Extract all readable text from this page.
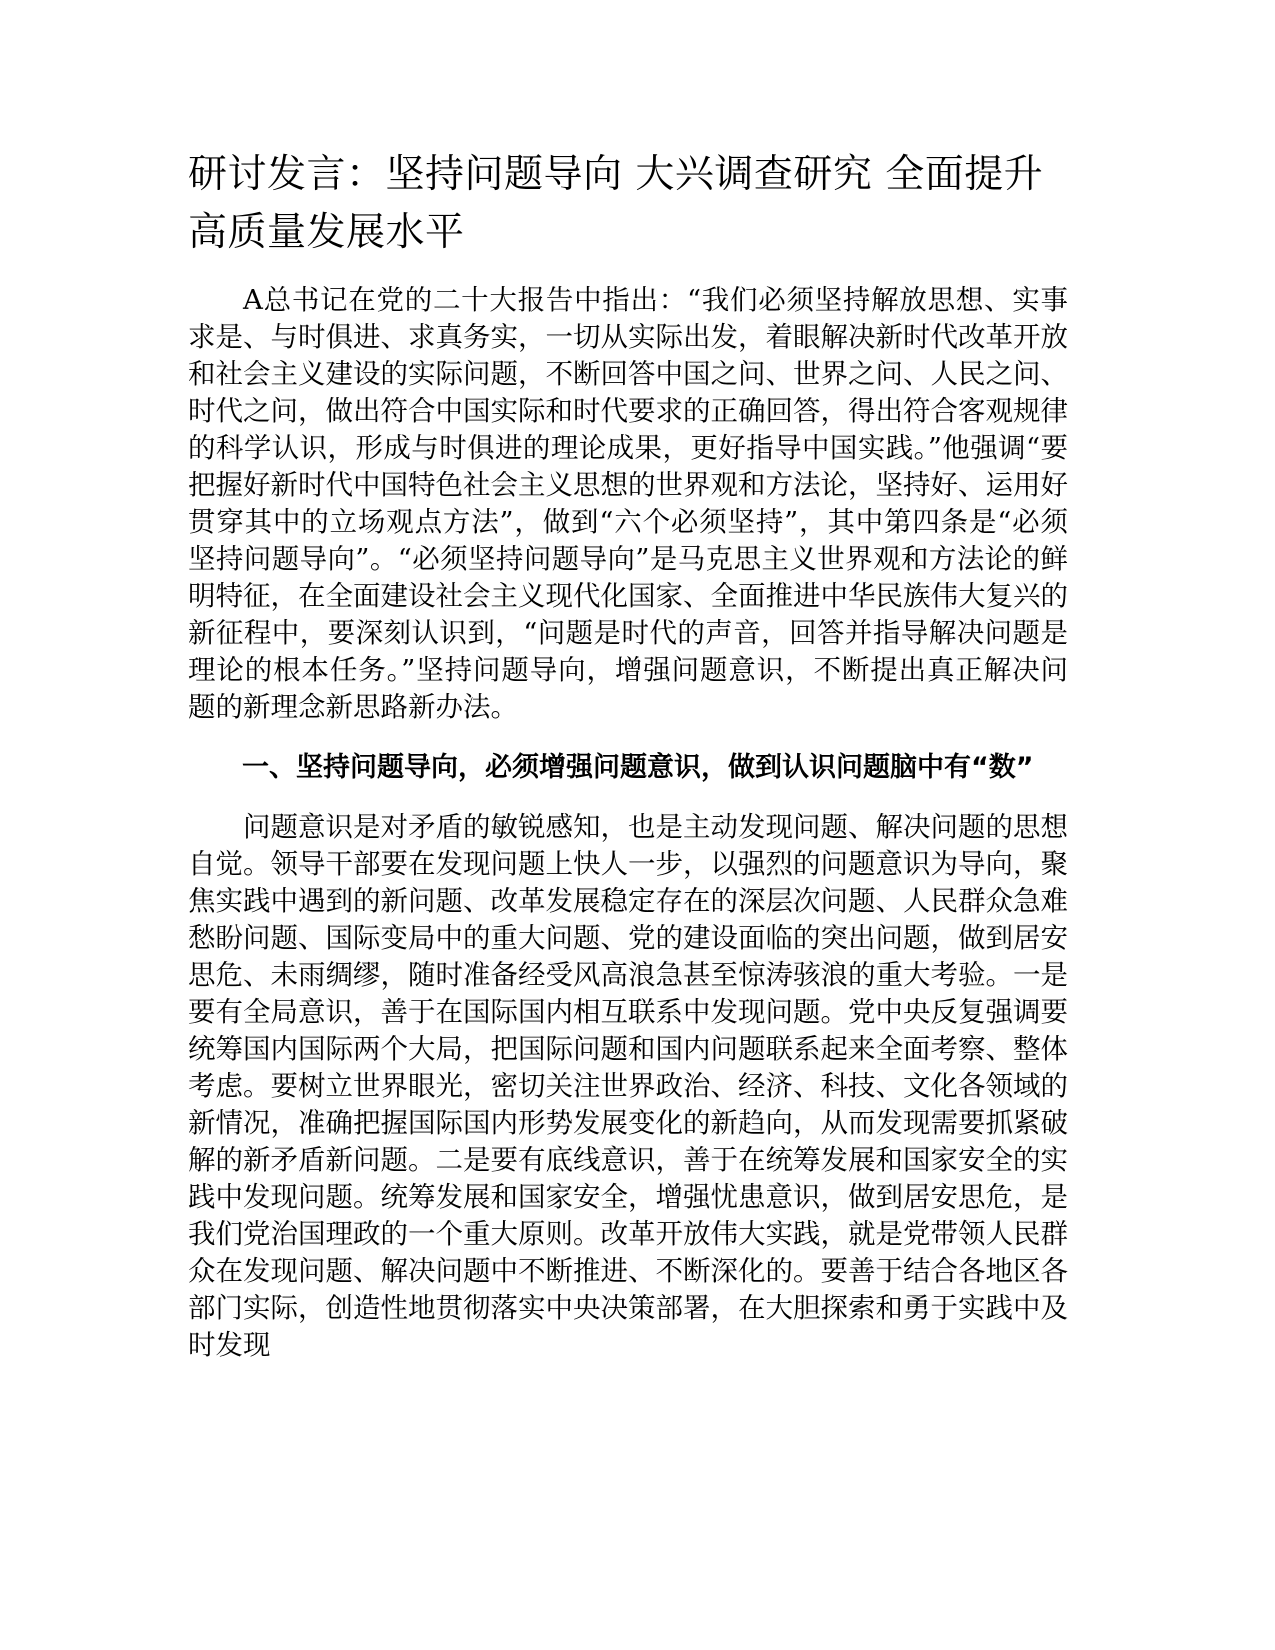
研讨发言：坚持问题导向 大兴调查研究 全面提升高质量发展水平

A总书记在党的二十大报告中指出：“我们必须坚持解放思想、实事求是、与时俱进、求真务实，一切从实际出发，着眼解决新时代改革开放和社会主义建设的实际问题，不断回答中国之问、世界之问、人民之问、时代之问，做出符合中国实际和时代要求的正确回答，得出符合客观规律的科学认识，形成与时俱进的理论成果，更好指导中国实践。”他强调“要把握好新时代中国特色社会主义思想的世界观和方法论，坚持好、运用好贯穿其中的立场观点方法”，做到“六个必须坚持”，其中第四条是“必须坚持问题导向”。“必须坚持问题导向”是马克思主义世界观和方法论的鲜明特征，在全面建设社会主义现代化国家、全面推进中华民族伟大复兴的新征程中，要深刻认识到，“问题是时代的声音，回答并指导解决问题是理论的根本任务。”坚持问题导向，增强问题意识，不断提出真正解决问题的新理念新思路新办法。

一、坚持问题导向，必须增强问题意识，做到认识问题脑中有“数”

问题意识是对矛盾的敏锐感知，也是主动发现问题、解决问题的思想自觉。领导干部要在发现问题上快人一步，以强烈的问题意识为导向，聚焦实践中遇到的新问题、改革发展稳定存在的深层次问题、人民群众急难愁盼问题、国际变局中的重大问题、党的建设面临的突出问题，做到居安思危、未雨绸缪，随时准备经受风高浪急甚至惊涛骇浪的重大考验。一是要有全局意识，善于在国际国内相互联系中发现问题。党中央反复强调要统筹国内国际两个大局，把国际问题和国内问题联系起来全面考察、整体考虑。要树立世界眼光，密切关注世界政治、经济、科技、文化各领域的新情况，准确把握国际国内形势发展变化的新趋向，从而发现需要抓紧破解的新矛盾新问题。二是要有底线意识，善于在统筹发展和国家安全的实践中发现问题。统筹发展和国家安全，增强忧患意识，做到居安思危，是我们党治国理政的一个重大原则。改革开放伟大实践，就是党带领人民群众在发现问题、解决问题中不断推进、不断深化的。要善于结合各地区各部门实际，创造性地贯彻落实中央决策部署，在大胆探索和勇于实践中及时发现
